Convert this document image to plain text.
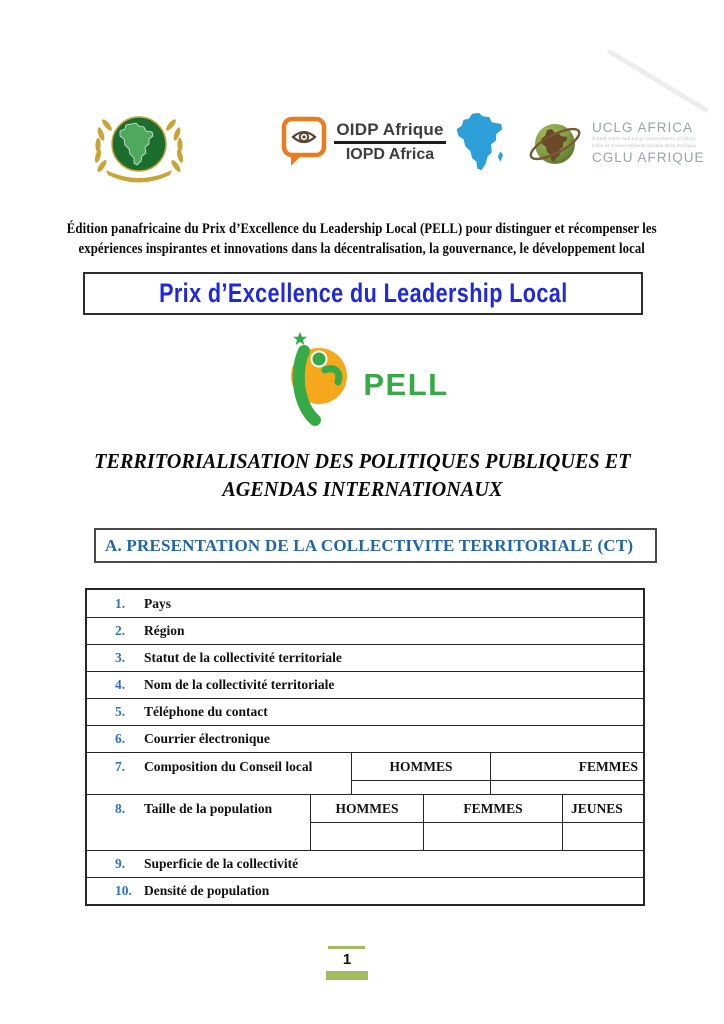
OIDP Afrique
IOPD Africa
UCLG AFRICA
United Cities and Local Governments of Africa
Cités et Gouvernements Locaux Unis d'Afrique
CGLU AFRIQUE
Édition panafricaine du Prix d’Excellence du Leadership Local (PELL) pour distinguer et récompenser les
expériences inspirantes et innovations dans la décentralisation, la gouvernance, le développement local
Prix d’Excellence du Leadership Local
PELL
TERRITORIALISATION DES POLITIQUES PUBLIQUES ET
AGENDAS INTERNATIONAUX
A. PRESENTATION DE LA COLLECTIVITE TERRITORIALE (CT)
1.	Pays
2.	Région
3.	Statut de la collectivité territoriale
4.	Nom de la collectivité territoriale
5.	Téléphone du contact
6.	Courrier électronique
7.	Composition du Conseil local	HOMMES	FEMMES
8.	Taille de la population	HOMMES	FEMMES	JEUNES
9.	Superficie de la collectivité
10. Densité de population
1
